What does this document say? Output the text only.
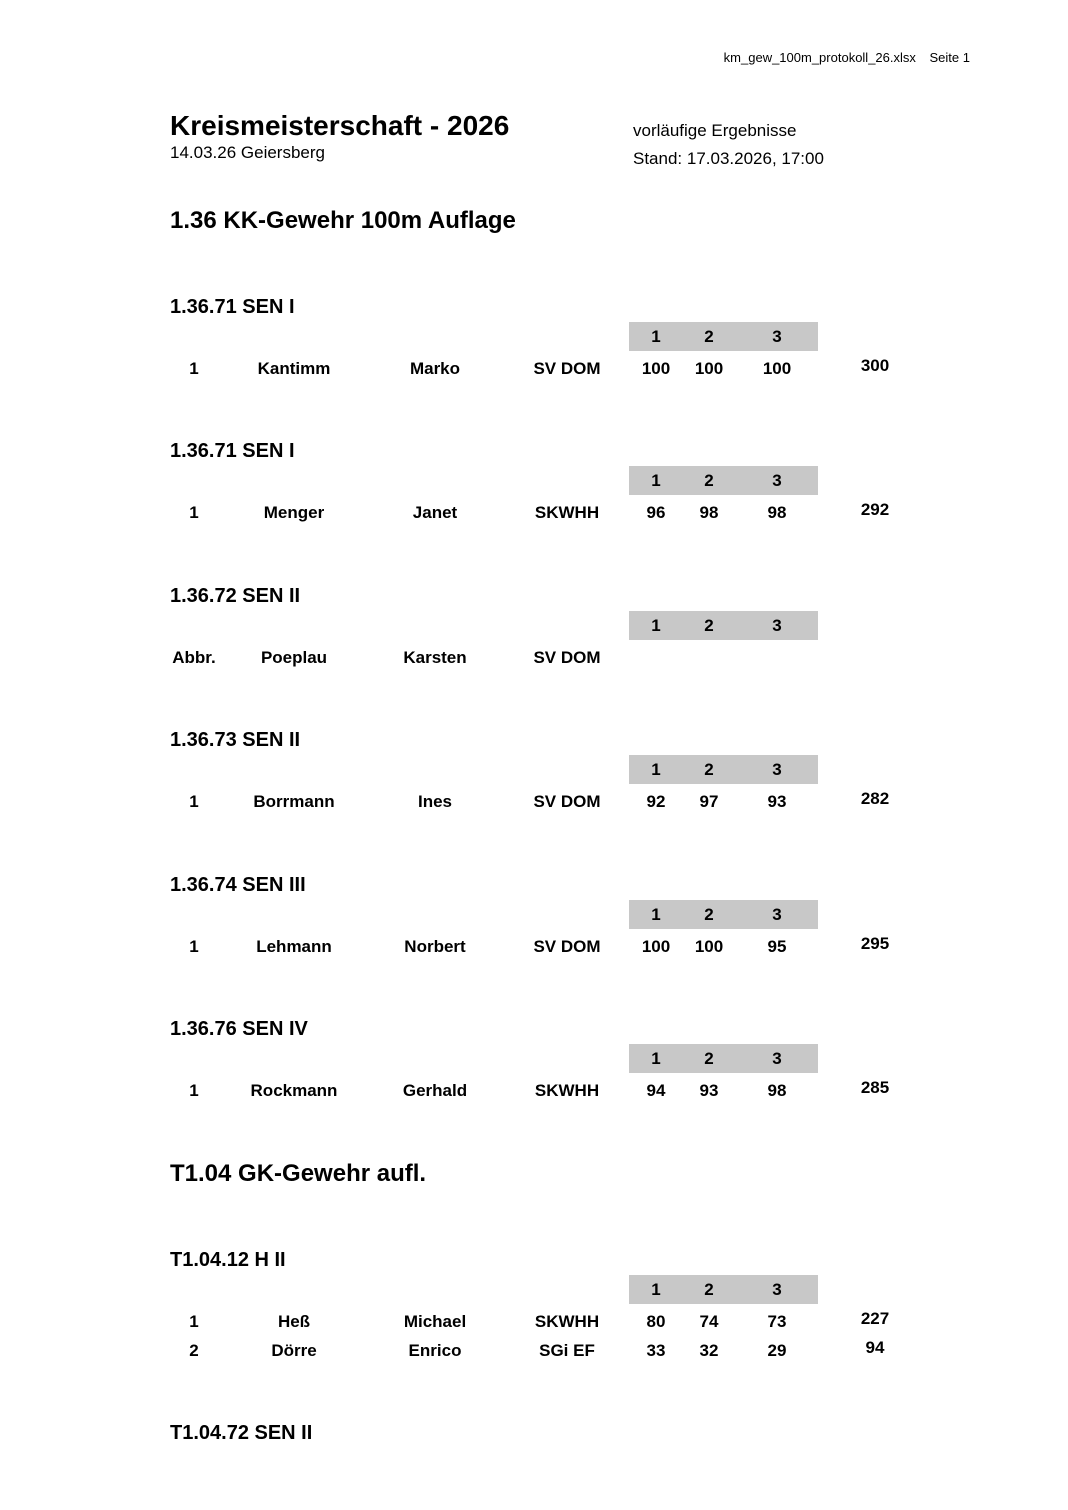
km_gew_100m_protokoll_26.xlsx Seite 1
Kreismeisterschaft - 2026
14.03.26 Geiersberg
vorläufige Ergebnisse
Stand: 17.03.2026, 17:00
1.36 KK-Gewehr 100m Auflage
1.36.71 SEN I
1	2	3
1	Kantimm	Marko	SV DOM	100	100	100	300
1.36.71 SEN I
1	2	3
1	Menger	Janet	SKWHH	96	98	98	292
1.36.72 SEN II
1	2	3
Abbr.	Poeplau	Karsten	SV DOM
1.36.73 SEN II
1	2	3
1	Borrmann	Ines	SV DOM	92	97	93	282
1.36.74 SEN III
1	2	3
1	Lehmann	Norbert	SV DOM	100	100	95	295
1.36.76 SEN IV
1	2	3
1	Rockmann	Gerhald	SKWHH	94	93	98	285
T1.04 GK-Gewehr aufl.
T1.04.12 H II
1	2	3
1	Heß	Michael	SKWHH	80	74	73	227
2	Dörre	Enrico	SGi EF	33	32	29	94
T1.04.72 SEN II
